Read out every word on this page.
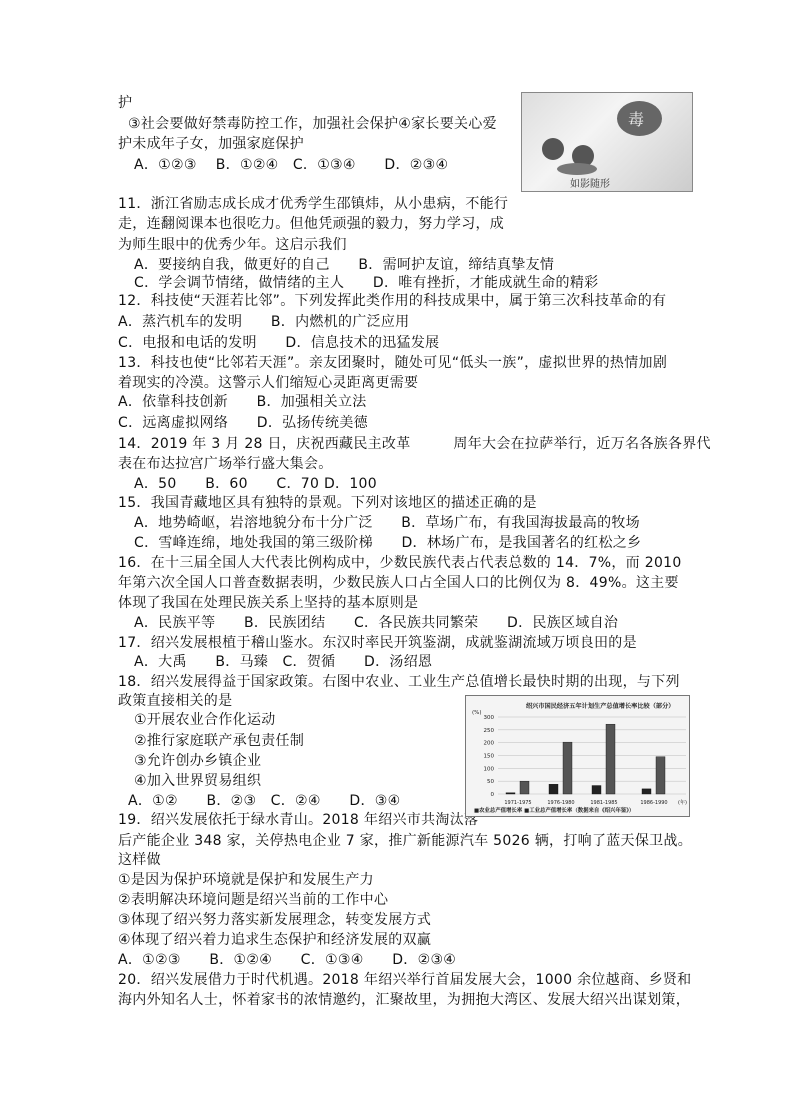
护
③社会要做好禁毒防控工作，加强社会保护④家长要关心爱
护未成年子女，加强家庭保护
A．①②③　 B．①②④　C．①③④　　D．②③④
11．浙江省励志成长成才优秀学生邵镇炜，从小患病，不能行
走，连翻阅课本也很吃力。但他凭顽强的毅力，努力学习，成
为师生眼中的优秀少年。这启示我们
A．要接纳自我，做更好的自己　　B．需呵护友谊，缔结真挚友情
C．学会调节情绪，做情绪的主人　　D．唯有挫折，才能成就生命的精彩
12．科技使“天涯若比邻”。下列发挥此类作用的科技成果中，属于第三次科技革命的有
A．蒸汽机车的发明　　B．内燃机的广泛应用
C．电报和电话的发明　　D．信息技术的迅猛发展
13．科技也使“比邻若天涯”。亲友团聚时，随处可见“低头一族”，虚拟世界的热情加剧
着现实的冷漠。这警示人们缩短心灵距离更需要
A．依靠科技创新　　B．加强相关立法
C．远离虚拟网络　　D．弘扬传统美德
14．2019 年 3 月 28 日，庆祝西藏民主改革　　　周年大会在拉萨举行，近万名各族各界代
表在布达拉宫广场举行盛大集会。
A．50　　B．60　　C．70 D．100
15．我国青藏地区具有独特的景观。下列对该地区的描述正确的是
A．地势崎岖，岩溶地貌分布十分广泛　　B．草场广布，有我国海拔最高的牧场
C．雪峰连绵，地处我国的第三级阶梯　　D．林场广布，是我国著名的红松之乡
16．在十三届全国人大代表比例构成中，少数民族代表占代表总数的 14．7%，而 2010
年第六次全国人口普查数据表明，少数民族人口占全国人口的比例仅为 8．49%。这主要
体现了我国在处理民族关系上坚持的基本原则是
A．民族平等　　B．民族团结　　C．各民族共同繁荣　　D．民族区域自治
17．绍兴发展根植于稽山鉴水。东汉时率民开筑鉴湖，成就鉴湖流域万顷良田的是
A．大禹　　B．马臻　C．贺循　　D．汤绍恩
18．绍兴发展得益于国家政策。右图中农业、工业生产总值增长最快时期的出现，与下列
政策直接相关的是
①开展农业合作化运动
②推行家庭联产承包责任制
③允许创办乡镇企业
④加入世界贸易组织
A．①②　　B．②③　C．②④　　D．③④
19．绍兴发展依托于绿水青山。2018 年绍兴市共淘汰落
后产能企业 348 家，关停热电企业 7 家，推广新能源汽车 5026 辆，打响了蓝天保卫战。
这样做
①是因为保护环境就是保护和发展生产力
②表明解决环境问题是绍兴当前的工作中心
③体现了绍兴努力落实新发展理念，转变发展方式
④体现了绍兴着力追求生态保护和经济发展的双赢
A．①②③　　B．①②④　　C．①③④　　D．②③④
20．绍兴发展借力于时代机遇。2018 年绍兴举行首届发展大会，1000 余位越商、乡贤和
海内外知名人士，怀着家书的浓情邀约，汇聚故里，为拥抱大湾区、发展大绍兴出谋划策，
毒
如影随形
绍兴市国民经济五年计划生产总值增长率比较（部分）
(%)
0
50
100
150
200
250
300
1971-1975	1976-1980	1981-1985	1986-1990 (年)
■农业总产值增长率 ■工业总产值增长率（数据来自《绍兴年鉴》）
